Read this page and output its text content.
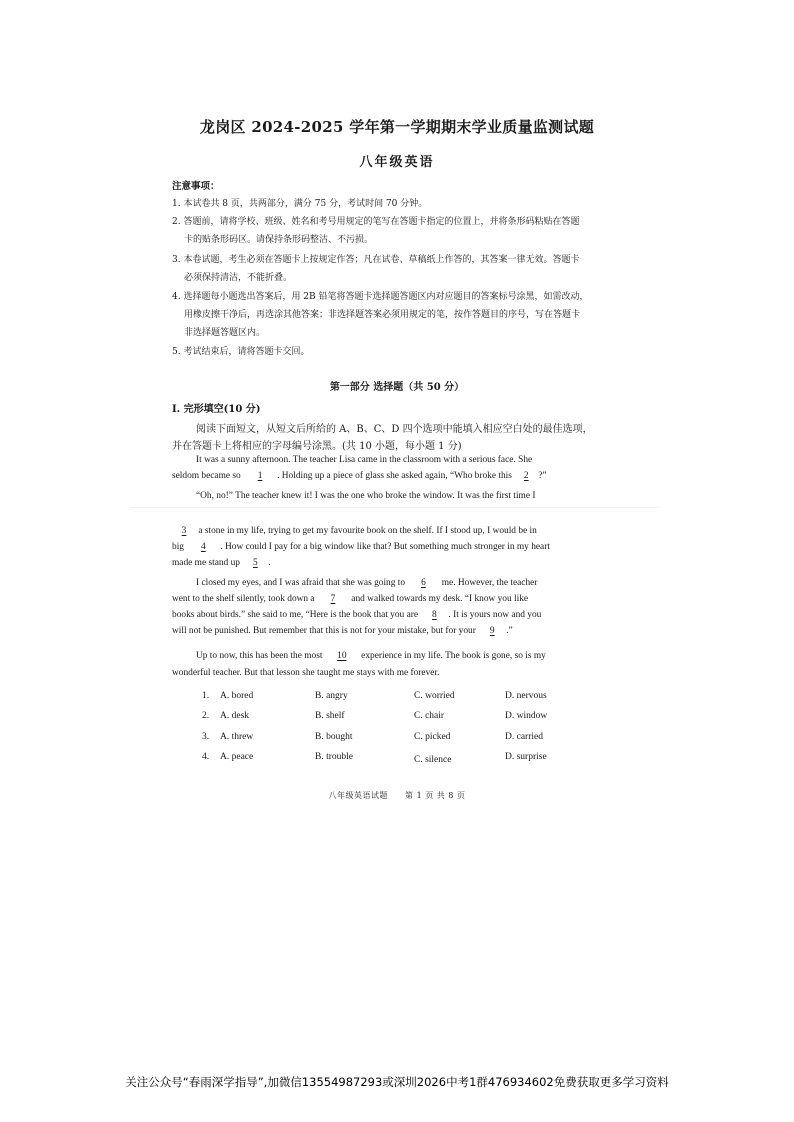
龙岗区 2024-2025 学年第一学期期末学业质量监测试题
八年级英语
注意事项：
1. 本试卷共 8 页，共两部分，满分 75 分，考试时间 70 分钟。
2. 答题前，请将学校、班级、姓名和考号用规定的笔写在答题卡指定的位置上，并将条形码粘贴在答题
卡的贴条形码区。请保持条形码整洁、不污损。
3. 本卷试题，考生必须在答题卡上按规定作答；凡在试卷、草稿纸上作答的，其答案一律无效。答题卡
必须保持清洁，不能折叠。
4. 选择题每小题选出答案后，用 2B 铅笔将答题卡选择题答题区内对应题目的答案标号涂黑，如需改动，
用橡皮擦干净后，再选涂其他答案；非选择题答案必须用规定的笔，按作答题目的序号，写在答题卡
非选择题答题区内。
5. 考试结束后，请将答题卡交回。
第一部分 选择题（共 50 分）
I. 完形填空(10 分)
阅读下面短文，从短文后所给的 A、B、C、D 四个选项中能填入相应空白处的最佳选项，
并在答题卡上将相应的字母编号涂黑。(共 10 小题，每小题 1 分)
It was a sunny afternoon. The teacher Lisa came in the classroom with a serious face. She
seldom became so 1 . Holding up a piece of glass she asked again, “Who broke this 2 ?”
“Oh, no!” The teacher knew it! I was the one who broke the window. It was the first time I
3 a stone in my life, trying to get my favourite book on the shelf. If I stood up, I would be in
big 4 . How could I pay for a big window like that? But something much stronger in my heart
made me stand up 5 .
I closed my eyes, and I was afraid that she was going to 6 me. However, the teacher
went to the shelf silently, took down a 7 and walked towards my desk. “I know you like
books about birds.” she said to me, “Here is the book that you are 8 . It is yours now and you
will not be punished. But remember that this is not for your mistake, but for your 9 .”
Up to now, this has been the most 10 experience in my life. The book is gone, so is my
wonderful teacher. But that lesson she taught me stays with me forever.
1. A. bored	B. angry	C. worried	D. nervous
2. A. desk	B. shelf	C. chair	D. window
3. A. threw	B. bought	C. picked	D. carried
4. A. peace	B. trouble	C. silence	D. surprise
八年级英语试题　　第 1 页 共 8 页
关注公众号“春雨深学指导”,加微信13554987293或深圳2026中考1群476934602免费获取更多学习资料
